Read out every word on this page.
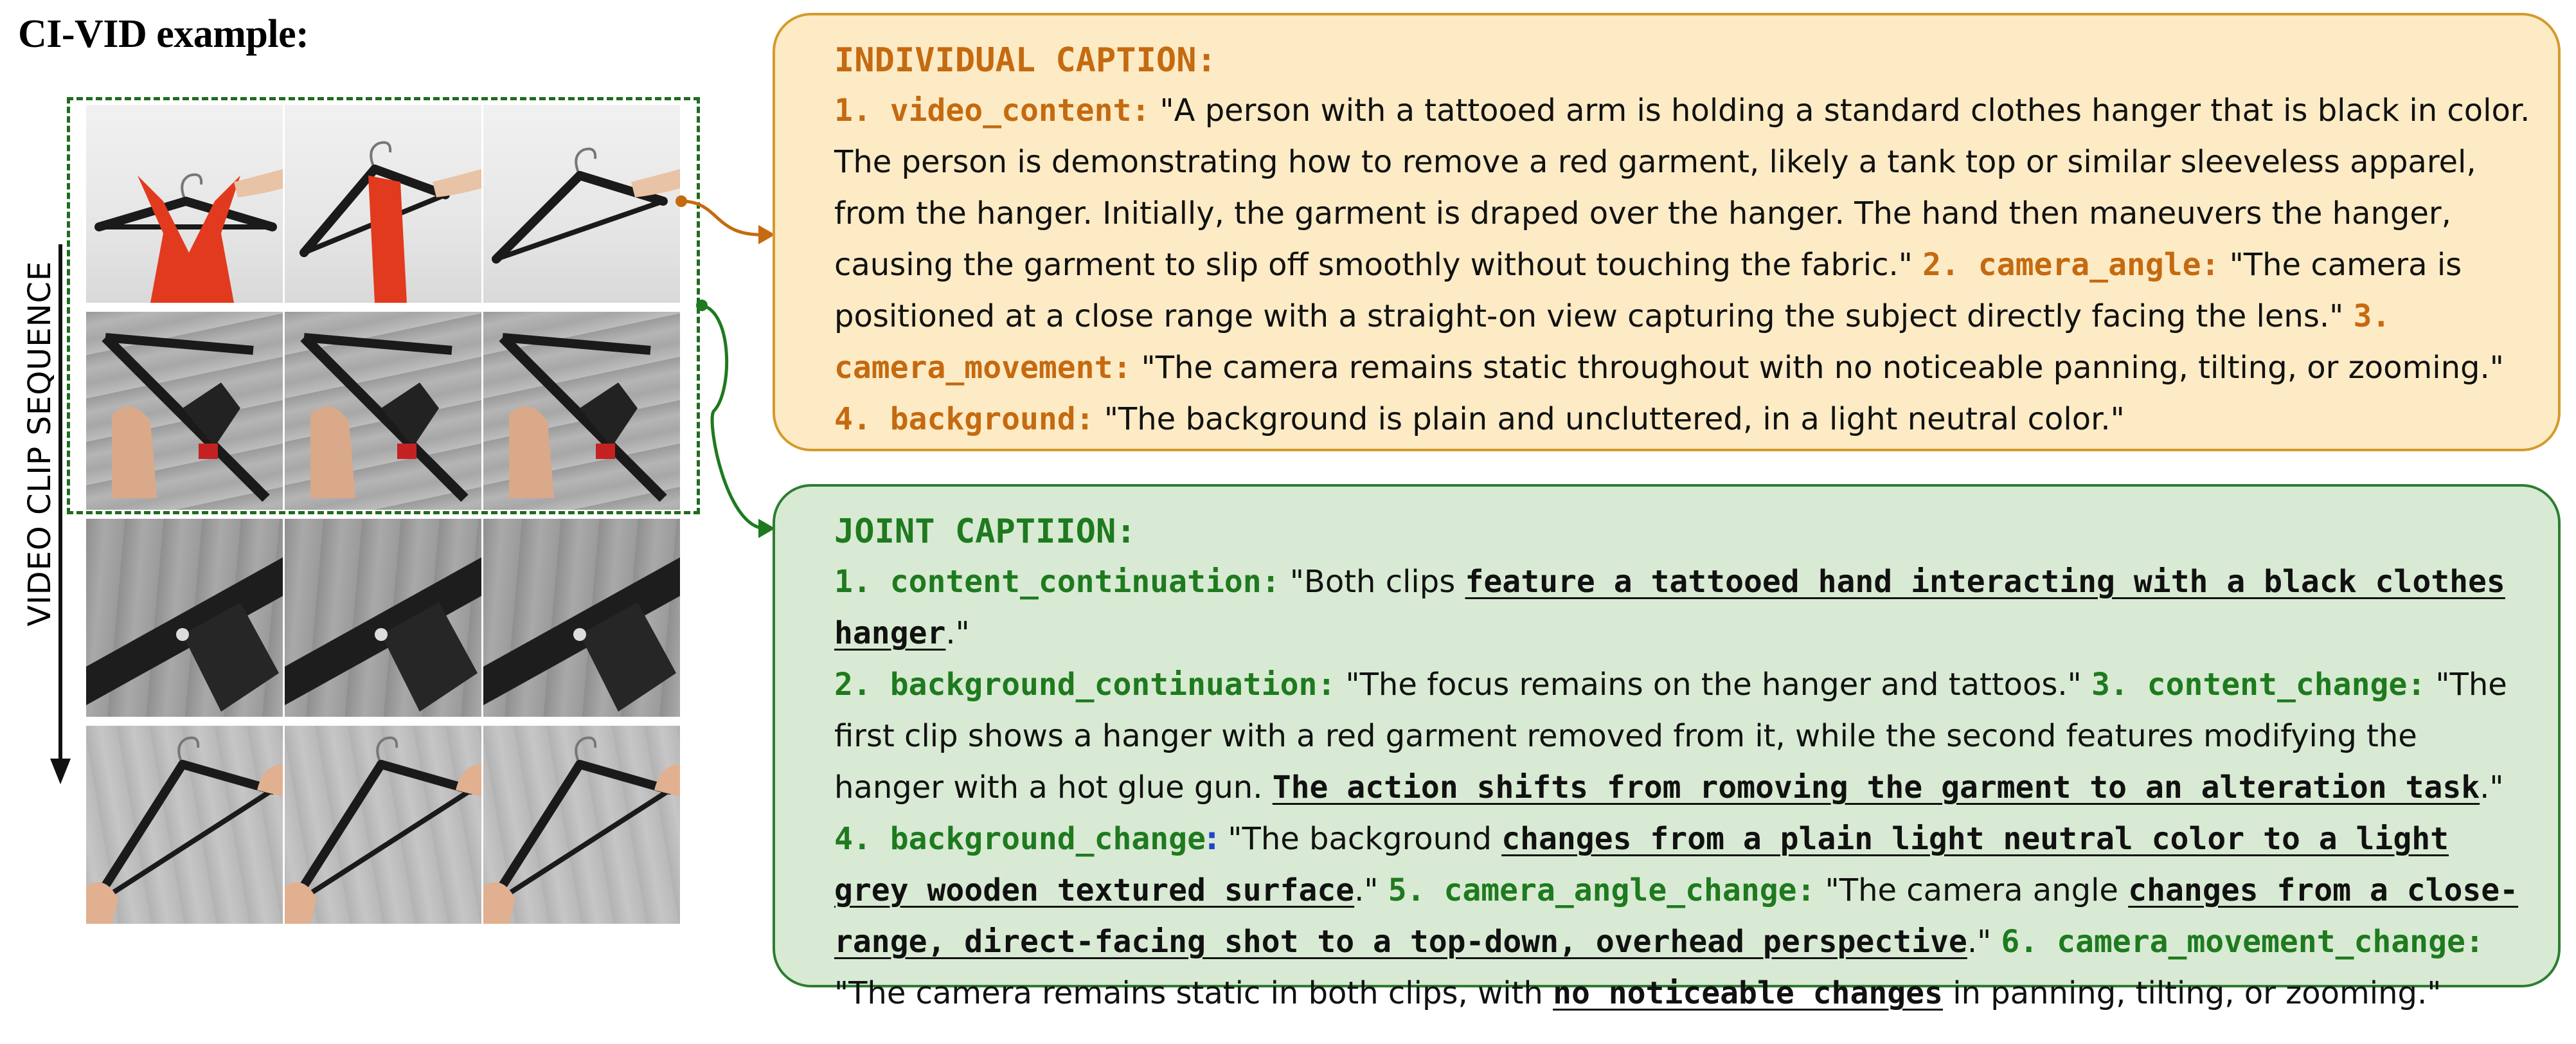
CI-VID example:
VIDEO CLIP SEQUENCE
INDIVIDUAL CAPTION:
1. video_content: "A person with a tattooed arm is holding a standard clothes hanger that is black in color. The person is demonstrating how to remove a red garment, likely a tank top or similar sleeveless apparel, from the hanger. Initially, the garment is draped over the hanger. The hand then maneuvers the hanger, causing the garment to slip off smoothly without touching the fabric." 2. camera_angle: "The camera is positioned at a close range with a straight-on view capturing the subject directly facing the lens." 3. camera_movement: "The camera remains static throughout with no noticeable panning, tilting, or zooming." 4. background: "The background is plain and uncluttered, in a light neutral color."
JOINT CAPTIION:
1. content_continuation: "Both clips feature a tattooed hand interacting with a black clothes hanger."
2. background_continuation: "The focus remains on the hanger and tattoos." 3. content_change: "The first clip shows a hanger with a red garment removed from it, while the second features modifying the hanger with a hot glue gun. The action shifts from romoving the garment to an alteration task."
4. background_change: "The background changes from a plain light neutral color to a light grey wooden textured surface." 5. camera_angle_change: "The camera angle changes from a close-range, direct-facing shot to a top-down, overhead perspective." 6. camera_movement_change: "The camera remains static in both clips, with no noticeable changes in panning, tilting, or zooming."
